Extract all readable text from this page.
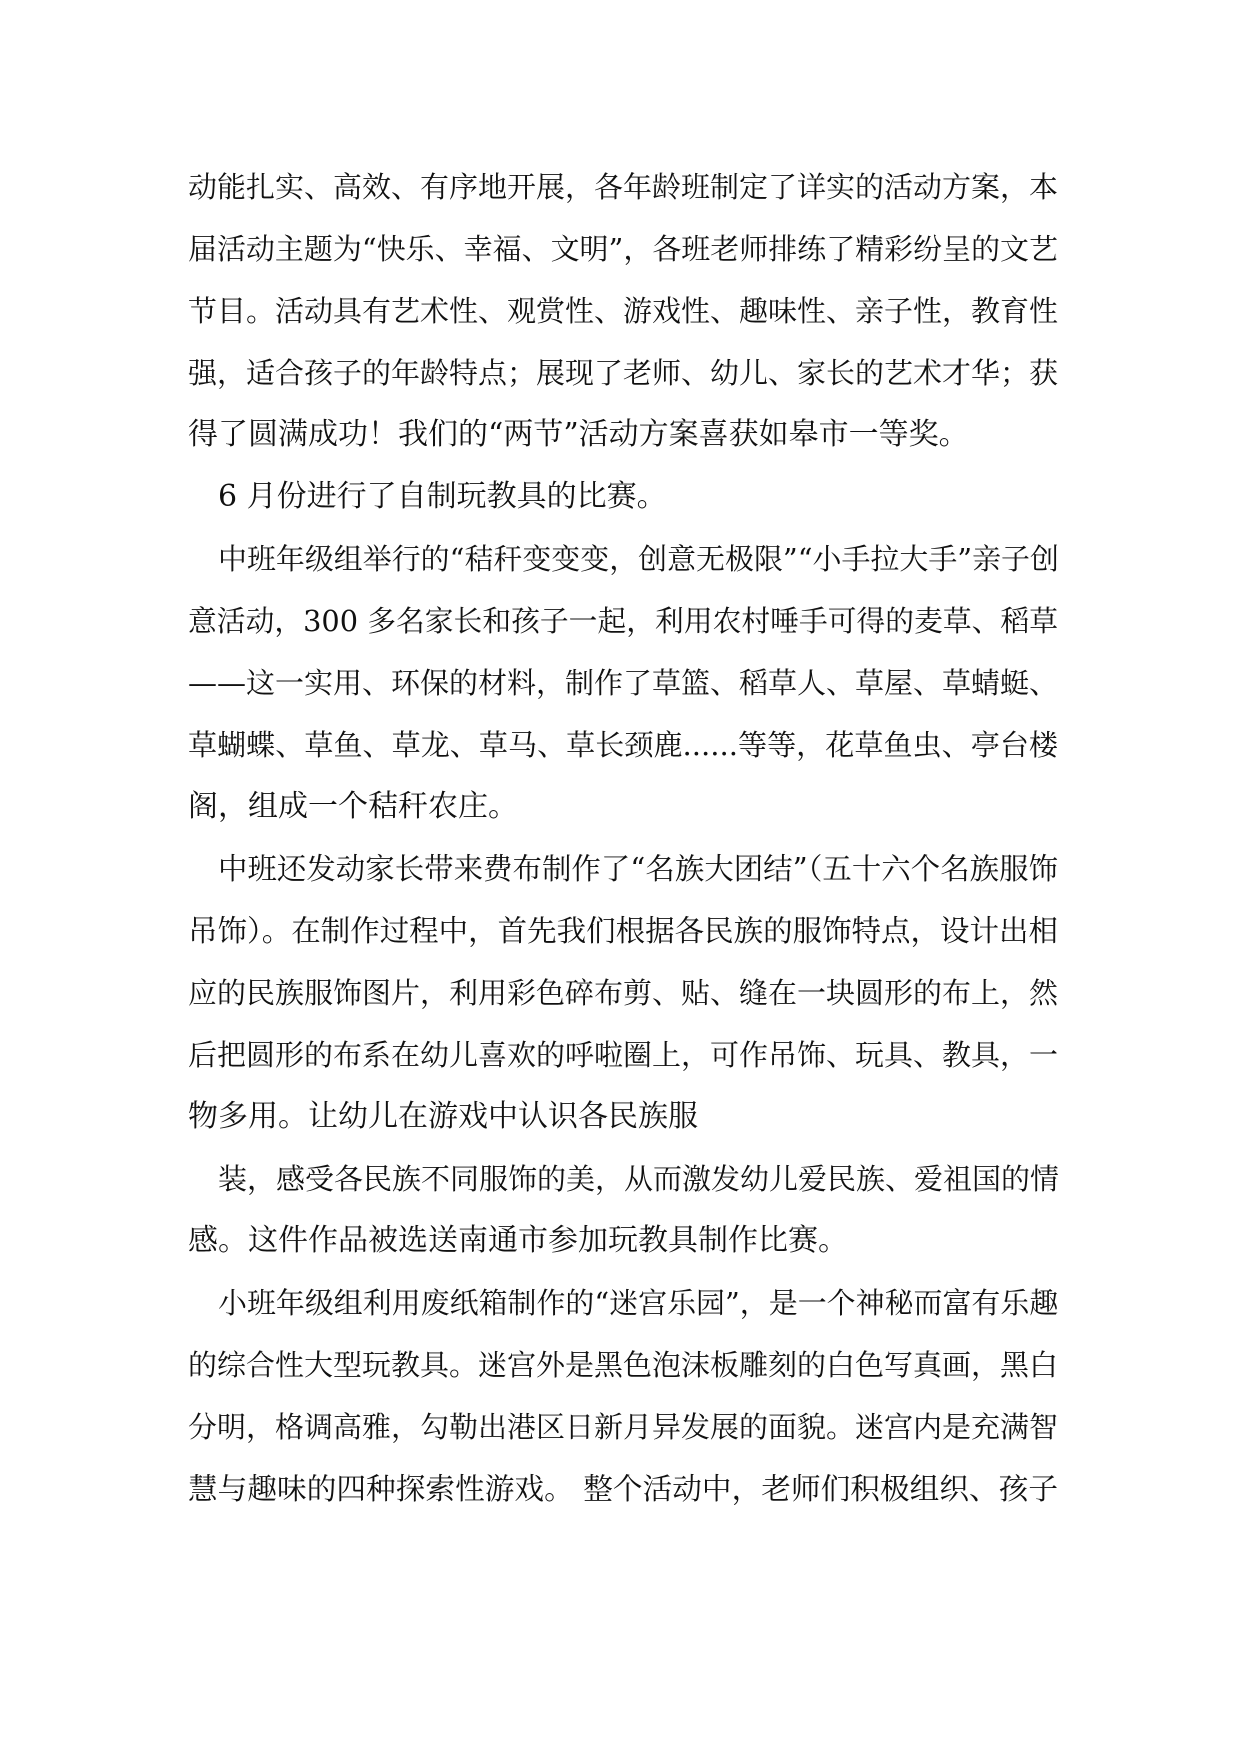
动能扎实、高效、有序地开展，各年龄班制定了详实的活动方案，本
届活动主题为“快乐、幸福、文明”，各班老师排练了精彩纷呈的文艺
节目。活动具有艺术性、观赏性、游戏性、趣味性、亲子性，教育性
强，适合孩子的年龄特点；展现了老师、幼儿、家长的艺术才华；获
得了圆满成功！我们的“两节”活动方案喜获如皋市一等奖。
6 月份进行了自制玩教具的比赛。
中班年级组举行的“秸秆变变变，创意无极限”“小手拉大手”亲子创
意活动，300 多名家长和孩子一起，利用农村唾手可得的麦草、稻草
——这一实用、环保的材料，制作了草篮、稻草人、草屋、草蜻蜓、
草蝴蝶、草鱼、草龙、草马、草长颈鹿......等等，花草鱼虫、亭台楼
阁，组成一个秸秆农庄。
中班还发动家长带来费布制作了“名族大团结”（五十六个名族服饰
吊饰）。在制作过程中，首先我们根据各民族的服饰特点，设计出相
应的民族服饰图片，利用彩色碎布剪、贴、缝在一块圆形的布上，然
后把圆形的布系在幼儿喜欢的呼啦圈上，可作吊饰、玩具、教具，一
物多用。让幼儿在游戏中认识各民族服
装，感受各民族不同服饰的美，从而激发幼儿爱民族、爱祖国的情
感。这件作品被选送南通市参加玩教具制作比赛。
小班年级组利用废纸箱制作的“迷宫乐园”，是一个神秘而富有乐趣
的综合性大型玩教具。迷宫外是黑色泡沫板雕刻的白色写真画，黑白
分明，格调高雅，勾勒出港区日新月异发展的面貌。迷宫内是充满智
慧与趣味的四种探索性游戏。 整个活动中，老师们积极组织、孩子
